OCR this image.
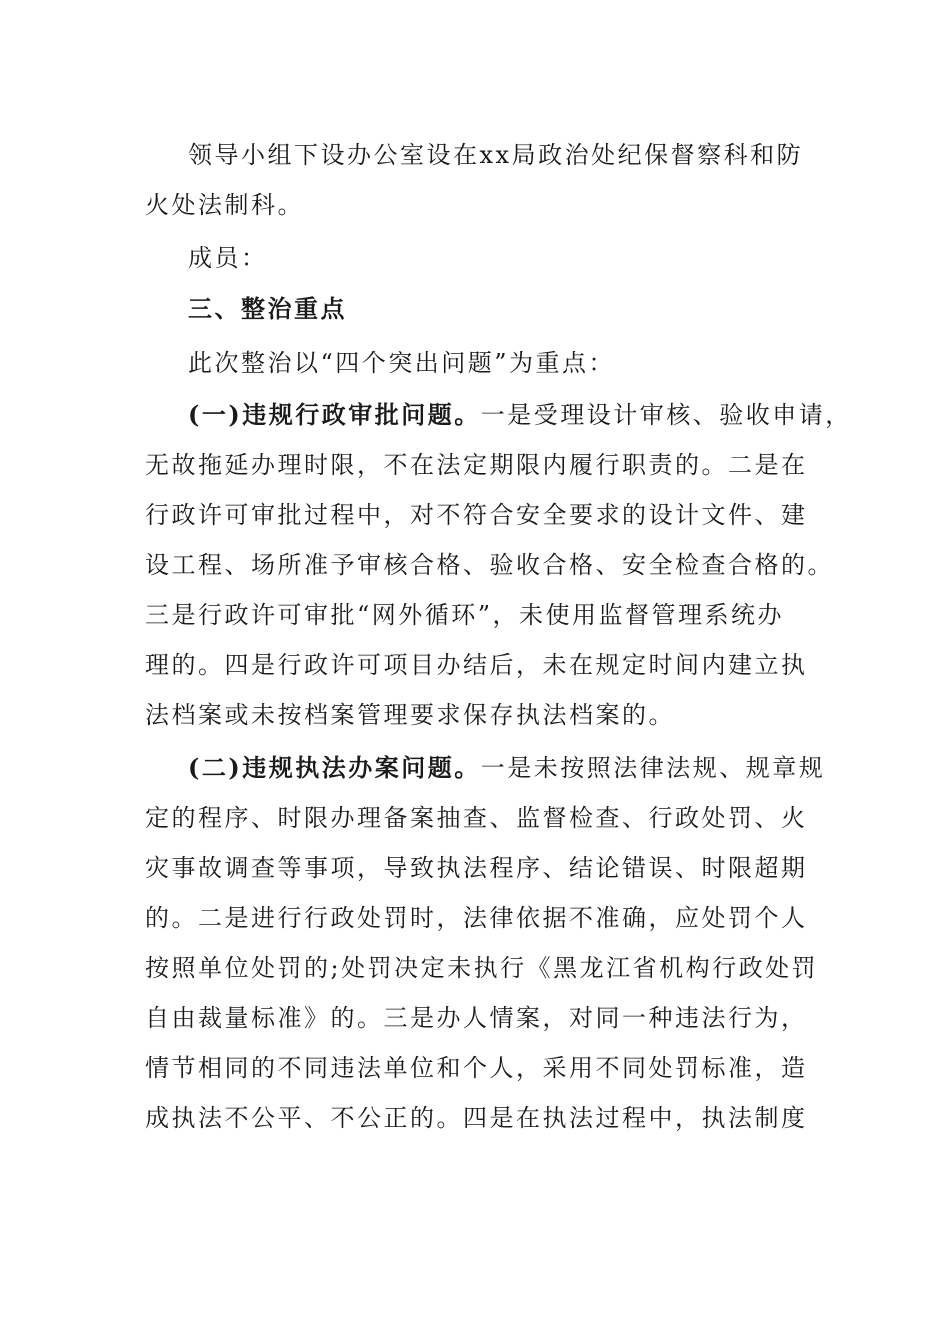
领导小组下设办公室设在xx局政治处纪保督察科和防
火处法制科。
成员：
三、整治重点
此次整治以“四个突出问题”为重点：
(一)违规行政审批问题。一是受理设计审核、验收申请，
无故拖延办理时限，不在法定期限内履行职责的。二是在
行政许可审批过程中，对不符合安全要求的设计文件、建
设工程、场所准予审核合格、验收合格、安全检查合格的。
三是行政许可审批“网外循环”，未使用监督管理系统办
理的。四是行政许可项目办结后，未在规定时间内建立执
法档案或未按档案管理要求保存执法档案的。
(二)违规执法办案问题。一是未按照法律法规、规章规
定的程序、时限办理备案抽查、监督检查、行政处罚、火
灾事故调查等事项，导致执法程序、结论错误、时限超期
的。二是进行行政处罚时，法律依据不准确，应处罚个人
按照单位处罚的;处罚决定未执行《黑龙江省机构行政处罚
自由裁量标准》的。三是办人情案，对同一种违法行为，
情节相同的不同违法单位和个人，采用不同处罚标准，造
成执法不公平、不公正的。四是在执法过程中，执法制度
